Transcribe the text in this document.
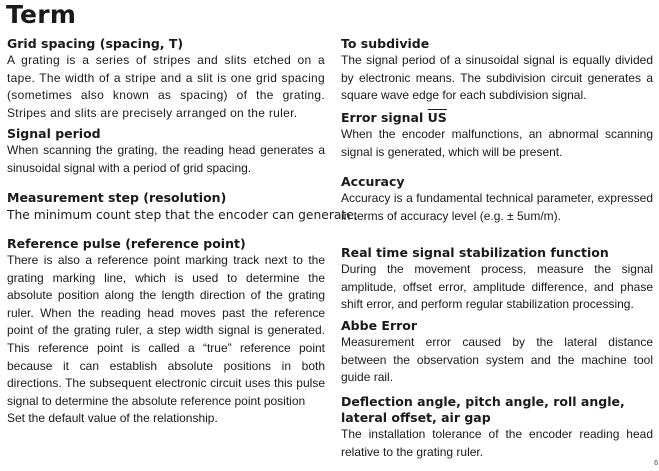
Term
Grid spacing (spacing, T)
A grating is a series of stripes and slits etched on a tape. The width of a stripe and a slit is one grid spacing (sometimes also known as spacing) of the grating. Stripes and slits are precisely arranged on the ruler.
Signal period
When scanning the grating, the reading head generates a sinusoidal signal with a period of grid spacing.
Measurement step (resolution)
The minimum count step that the encoder can generate.
Reference pulse (reference point)
There is also a reference point marking track next to the grating marking line, which is used to determine the absolute position along the length direction of the grating ruler. When the reading head moves past the reference point of the grating ruler, a step width signal is generated. This reference point is called a “true” reference point because it can establish absolute positions in both directions. The subsequent electronic circuit uses this pulse signal to determine the absolute reference point position
Set the default value of the relationship.
To subdivide
The signal period of a sinusoidal signal is equally divided by electronic means. The subdivision circuit generates a square wave edge for each subdivision signal.
Error signal $\overline{US}$
When the encoder malfunctions, an abnormal scanning signal is generated, which will be present.
Accuracy
Accuracy is a fundamental technical parameter, expressed in terms of accuracy level (e.g. ± 5um/m).
Real time signal stabilization function
During the movement process, measure the signal amplitude, offset error, amplitude difference, and phase shift error, and perform regular stabilization processing.
Abbe Error
Measurement error caused by the lateral distance between the observation system and the machine tool guide rail.
Deflection angle, pitch angle, roll angle, lateral offset, air gap
The installation tolerance of the encoder reading head relative to the grating ruler.
6
